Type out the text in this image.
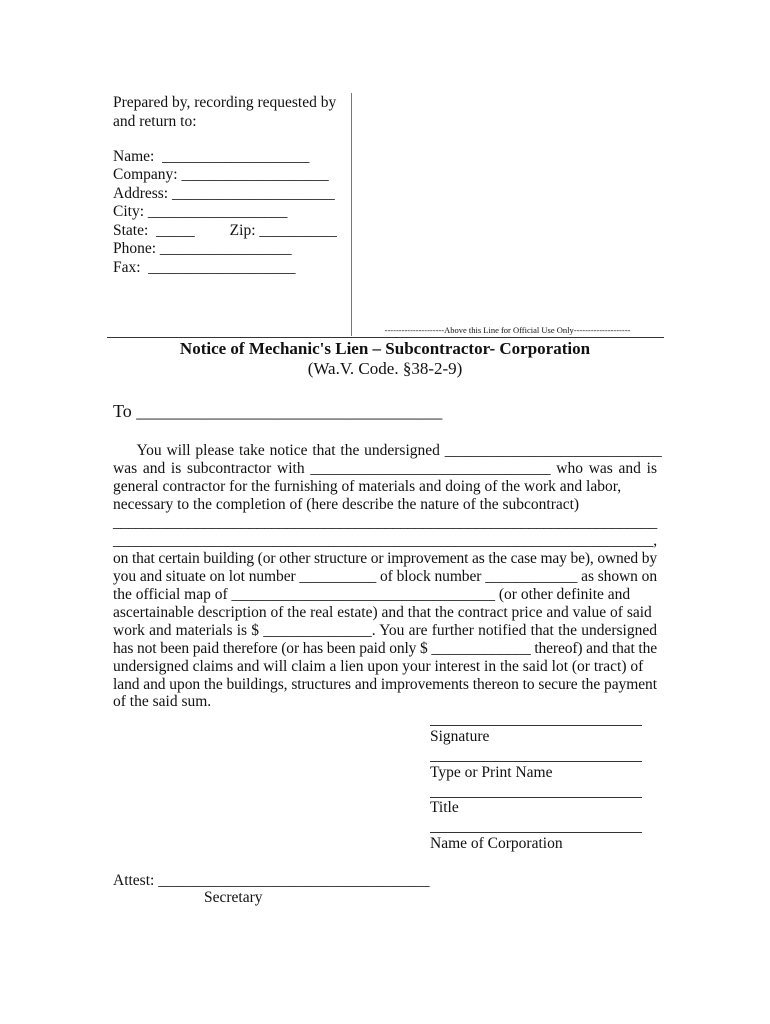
Prepared by, recording requested by
and return to:
Name:  ___________________
Company: ___________________
Address: _____________________
City: __________________
State:  _____         Zip: __________
Phone: _________________
Fax:  ___________________
---------------------Above this Line for Official Use Only--------------------
Notice of Mechanic's Lien – Subcontractor- Corporation
(Wa.V. Code. §38-2-9)
To __________________________________
You will please take notice that the undersigned ____________________________
was and is subcontractor with _______________________________ who was and is
general contractor for the furnishing of materials and doing of the work and labor,
necessary to the completion of (here describe the nature of the subcontract)
________________________________________________________________________
_______________________________________________________________________,
on that certain building (or other structure or improvement as the case may be), owned by
you and situate on lot number __________ of block number ____________ as shown on
the official map of __________________________________ (or other definite and
ascertainable description of the real estate) and that the contract price and value of said
work and materials is $ ______________. You are further notified that the undersigned
has not been paid therefore (or has been paid only $ _____________ thereof) and that the
undersigned claims and will claim a lien upon your interest in the said lot (or tract) of
land and upon the buildings, structures and improvements thereon to secure the payment
of the said sum.
Signature
Type or Print Name
Title
Name of Corporation
Attest: ___________________________________
Secretary
